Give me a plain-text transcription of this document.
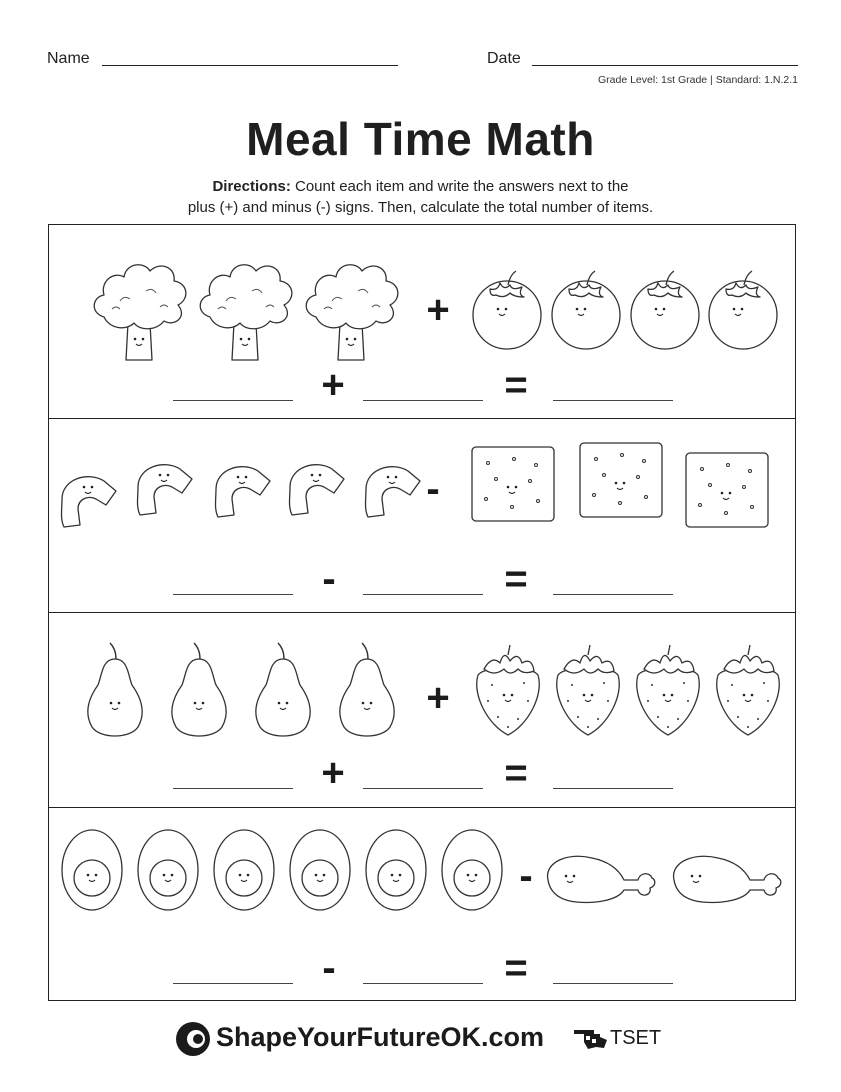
Name	Date
Grade Level: 1st Grade | Standard: 1.N.2.1
Meal Time Math
Directions: Count each item and write the answers next to the
plus (+) and minus (-) signs. Then, calculate the total number of items.
+
+	=
-
-	=
+
+	=
-
-	=
ShapeYourFutureOK.com	TSET
